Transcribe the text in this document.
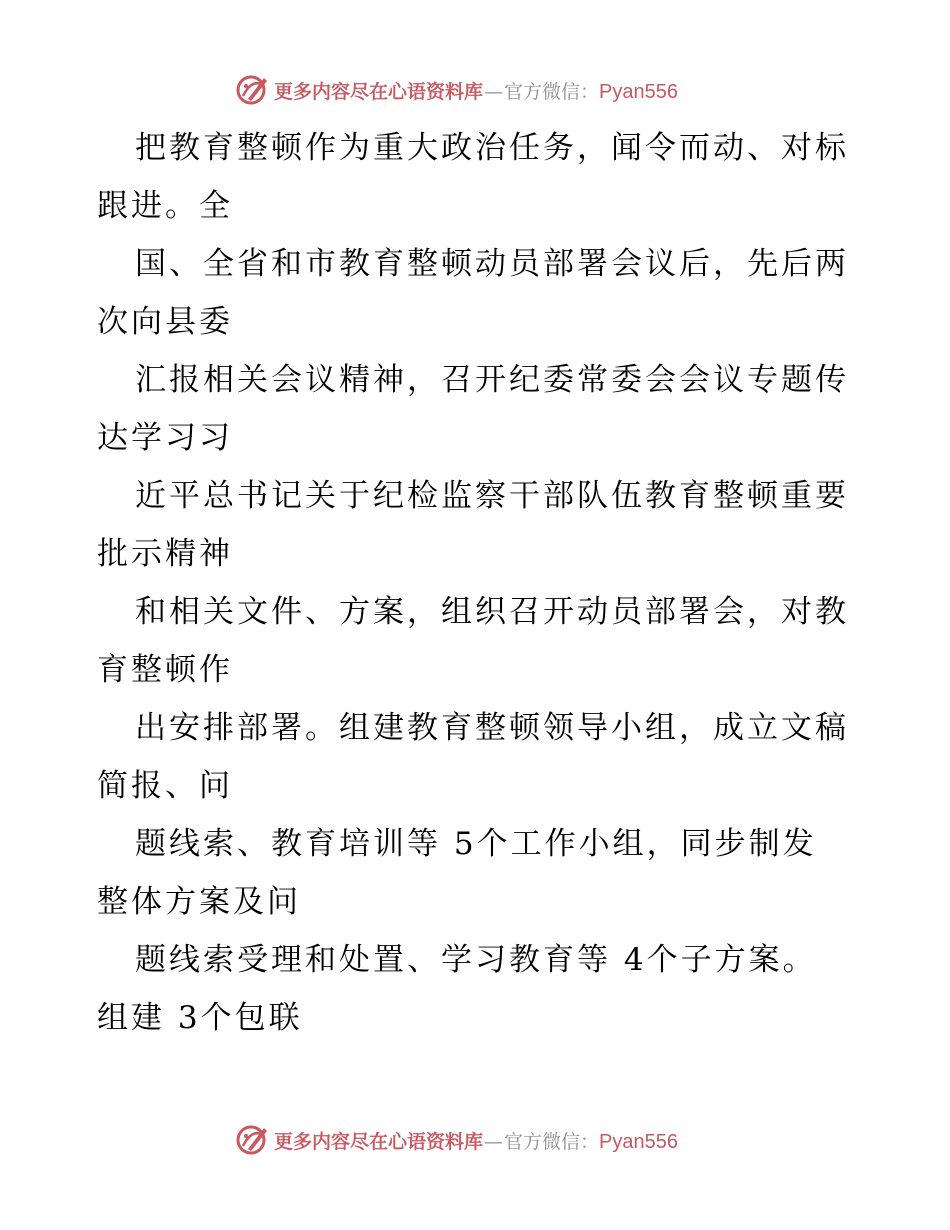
更多内容尽在心语资料库—官方微信：Pyan556
把教育整顿作为重大政治任务，闻令而动、对标
跟进。全
国、全省和市教育整顿动员部署会议后，先后两
次向县委
汇报相关会议精神，召开纪委常委会会议专题传
达学习习
近平总书记关于纪检监察干部队伍教育整顿重要
批示精神
和相关文件、方案，组织召开动员部署会，对教
育整顿作
出安排部署。组建教育整顿领导小组，成立文稿
简报、问
题线索、教育培训等 5个工作小组，同步制发
整体方案及问
题线索受理和处置、学习教育等 4个子方案。
组建 3个包联
更多内容尽在心语资料库—官方微信：Pyan556
